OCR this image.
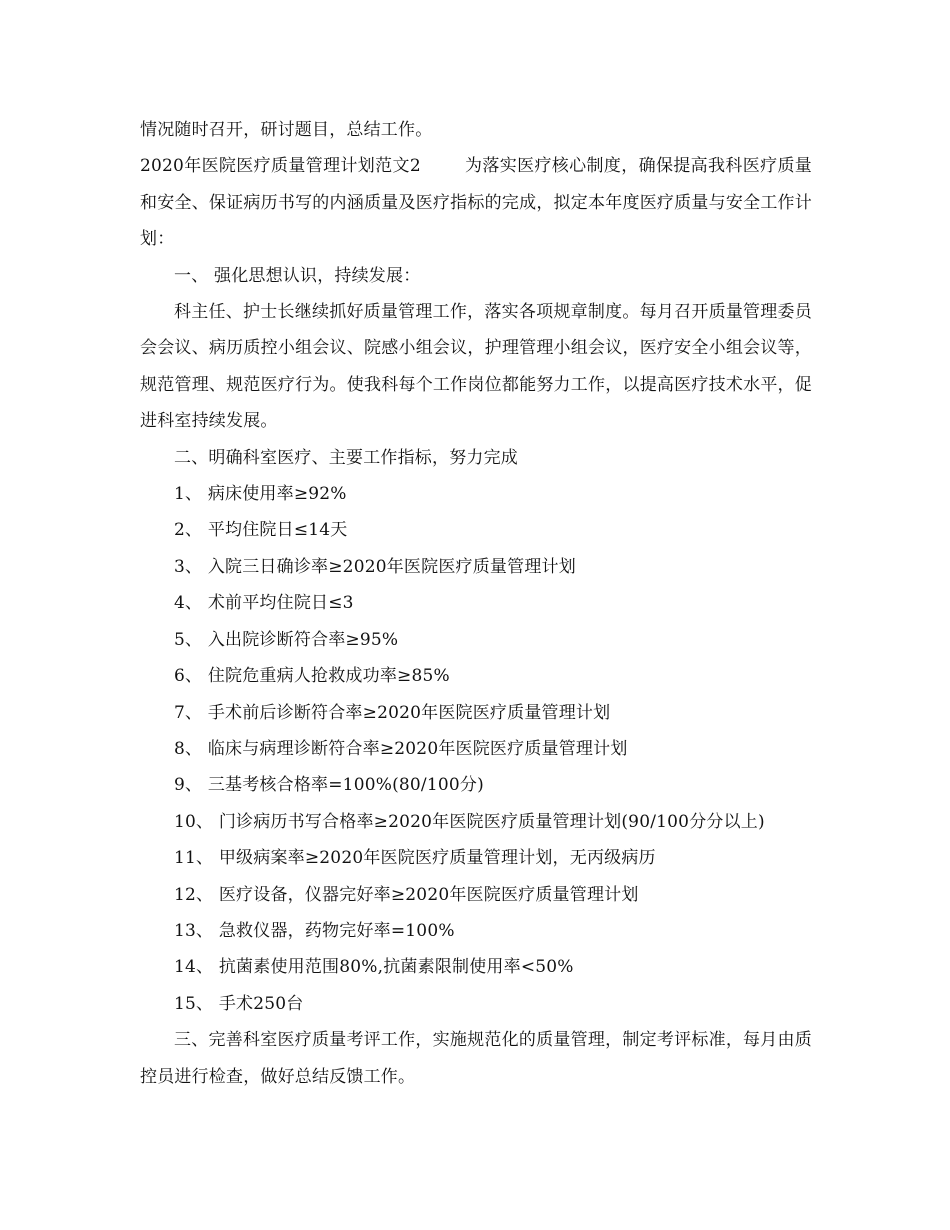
情况随时召开，研讨题目，总结工作。

2020年医院医疗质量管理计划范文2	为落实医疗核心制度，确保提高我科医疗质量和安全、保证病历书写的内涵质量及医疗指标的完成，拟定本年度医疗质量与安全工作计划：

一、 强化思想认识，持续发展：

科主任、护士长继续抓好质量管理工作，落实各项规章制度。每月召开质量管理委员会会议、病历质控小组会议、院感小组会议，护理管理小组会议，医疗安全小组会议等，规范管理、规范医疗行为。使我科每个工作岗位都能努力工作，以提高医疗技术水平，促进科室持续发展。

二、明确科室医疗、主要工作指标，努力完成

1、 病床使用率≥92%
2、 平均住院日≤14天
3、 入院三日确诊率≥2020年医院医疗质量管理计划
4、 术前平均住院日≤3
5、 入出院诊断符合率≥95%
6、 住院危重病人抢救成功率≥85%
7、 手术前后诊断符合率≥2020年医院医疗质量管理计划
8、 临床与病理诊断符合率≥2020年医院医疗质量管理计划
9、 三基考核合格率=100%(80/100分)
10、 门诊病历书写合格率≥2020年医院医疗质量管理计划(90/100分分以上)
11、 甲级病案率≥2020年医院医疗质量管理计划，无丙级病历
12、 医疗设备，仪器完好率≥2020年医院医疗质量管理计划
13、 急救仪器，药物完好率=100%
14、 抗菌素使用范围80%,抗菌素限制使用率<50%
15、 手术250台

三、完善科室医疗质量考评工作，实施规范化的质量管理，制定考评标准，每月由质控员进行检查，做好总结反馈工作。
